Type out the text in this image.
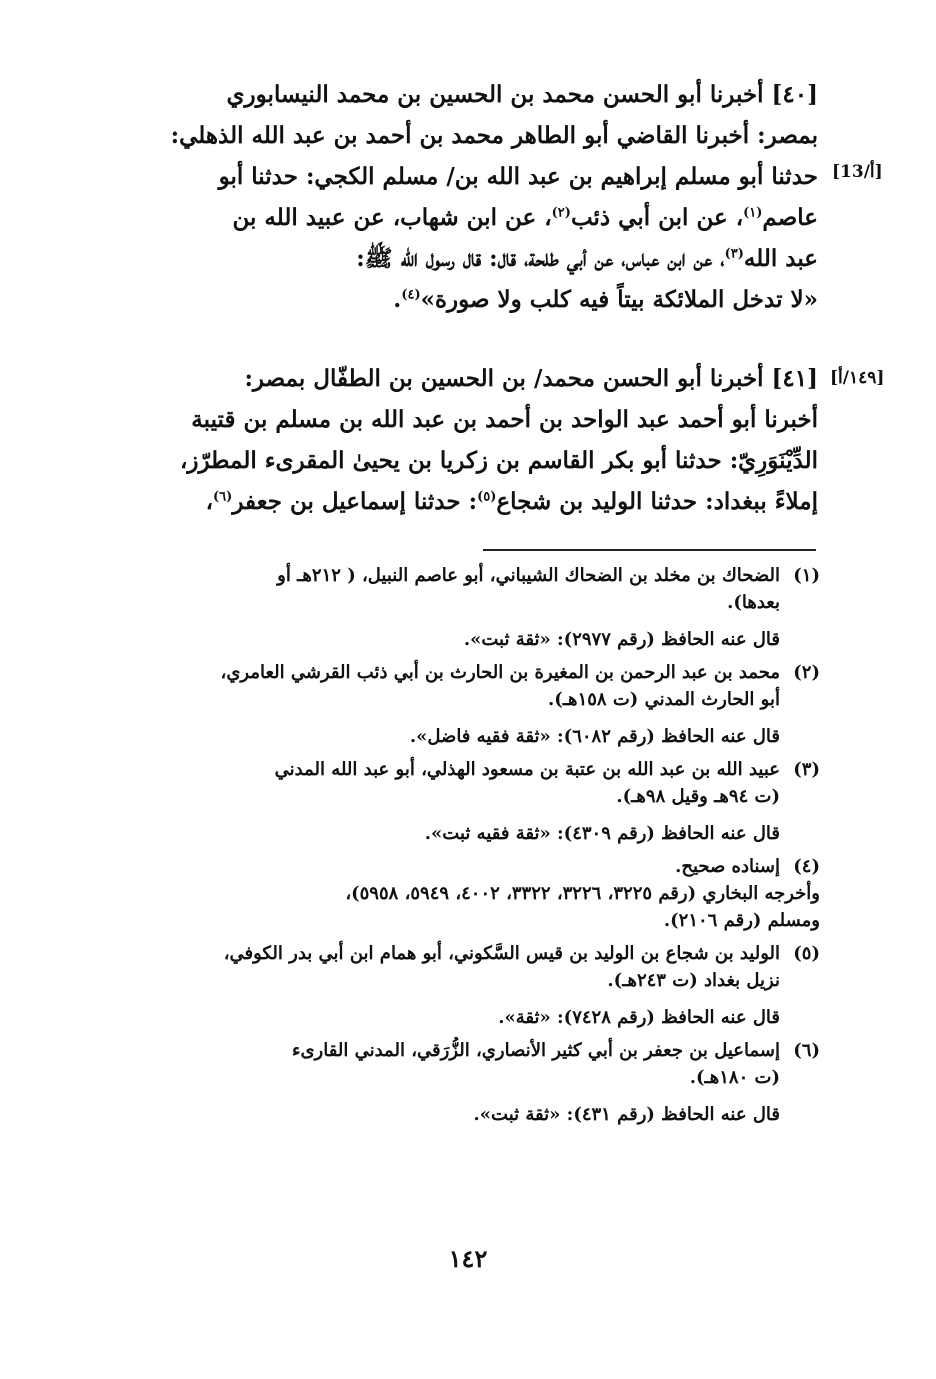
[٤٠] أخبرنا أبو الحسن محمد بن الحسين بن محمد النيسابوري
بمصر: أخبرنا القاضي أبو الطاهر محمد بن أحمد بن عبد الله الذهلي:
حدثنا أبو مسلم إبراهيم بن عبد الله بن/ مسلم الكجي: حدثنا أبو
عاصم$^{(١)}$، عن ابن أبي ذئب$^{(٢)}$، عن ابن شهاب، عن عبيد الله بن
عبد الله$^{(٣)}$، عن ابن عباس، عن أبي طلحة، قال: قال رسول الله ﷺ:
«لا تدخل الملائكة بيتاً فيه كلب ولا صورة»$^{(٤)}$.
[13/أ]
[١٤٩/أ]
[٤١] أخبرنا أبو الحسن محمد/ بن الحسين بن الطفّال بمصر:
أخبرنا أبو أحمد عبد الواحد بن أحمد بن عبد الله بن مسلم بن قتيبة
الدِّيْنَوَرِيّ: حدثنا أبو بكر القاسم بن زكريا بن يحيىٰ المقرىء المطرّز،
إملاءً ببغداد: حدثنا الوليد بن شجاع$^{(٥)}$: حدثنا إسماعيل بن جعفر$^{(٦)}$،
(١)
الضحاك بن مخلد بن الضحاك الشيباني، أبو عاصم النبيل، ( ٢١٢هـ أو
بعدها).
قال عنه الحافظ (رقم ٢٩٧٧): «ثقة ثبت».
(٢)
محمد بن عبد الرحمن بن المغيرة بن الحارث بن أبي ذئب القرشي العامري،
أبو الحارث المدني (ت ١٥٨هـ).
قال عنه الحافظ (رقم ٦٠٨٢): «ثقة فقيه فاضل».
(٣)
عبيد الله بن عبد الله بن عتبة بن مسعود الهذلي، أبو عبد الله المدني
(ت ٩٤هـ وقيل ٩٨هـ).
قال عنه الحافظ (رقم ٤٣٠٩): «ثقة فقيه ثبت».
(٤)
إسناده صحيح.
وأخرجه البخاري (رقم ٣٢٢٥، ٣٢٢٦، ٣٣٢٢، ٤٠٠٢، ٥٩٤٩، ٥٩٥٨)،
ومسلم (رقم ٢١٠٦).
(٥)
الوليد بن شجاع بن الوليد بن قيس السَّكوني، أبو همام ابن أبي بدر الكوفي،
نزيل بغداد (ت ٢٤٣هـ).
قال عنه الحافظ (رقم ٧٤٢٨): «ثقة».
(٦)
إسماعيل بن جعفر بن أبي كثير الأنصاري، الزُّرَقي، المدني القارىء
(ت ١٨٠هـ).
قال عنه الحافظ (رقم ٤٣١): «ثقة ثبت».
١٤٢
